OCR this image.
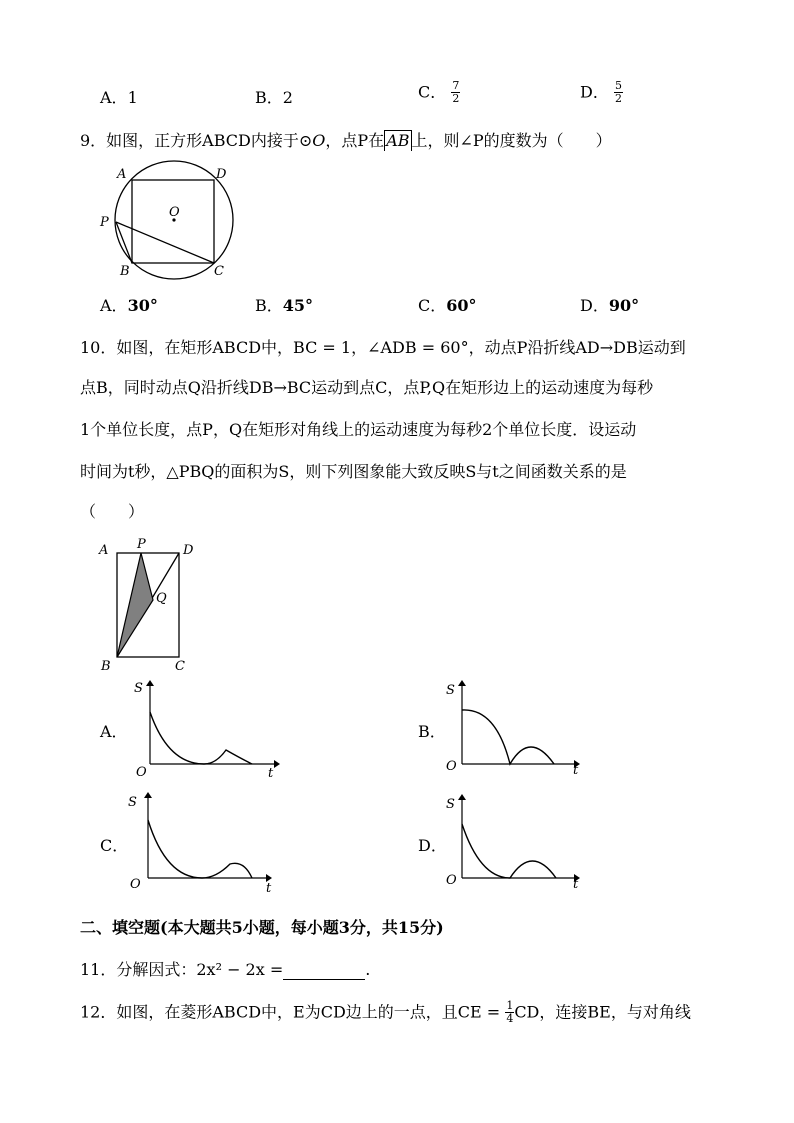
A．1	B．2	C． $\frac{7}{2}$	D． $\frac{5}{2}$
9．如图，正方形ABCD内接于⊙O，点P在 AB 上，则∠P的度数为（　　）
A	D
O
P
B	C
A．30°	B．45°	C．60°	D．90°
10．如图，在矩形ABCD中，BC = 1，∠ADB = 60°，动点P沿折线AD→DB运动到
点B，同时动点Q沿折线DB→BC运动到点C，点P,Q在矩形边上的运动速度为每秒
1个单位长度，点P，Q在矩形对角线上的运动速度为每秒2个单位长度．设运动
时间为t秒，△PBQ的面积为S，则下列图象能大致反映S与t之间函数关系的是
（　　）
A P	D
Q
B	C
A．
S
O	t
B．
S
O	t
C．
S
O	t
D．
S
O	t
二、填空题(本大题共5小题，每小题3分，共15分)
11．分解因式：2x² − 2x =	.
12．如图，在菱形ABCD中，E为CD边上的一点，且CE = $\frac{1}{4}$ CD，连接BE，与对角线
